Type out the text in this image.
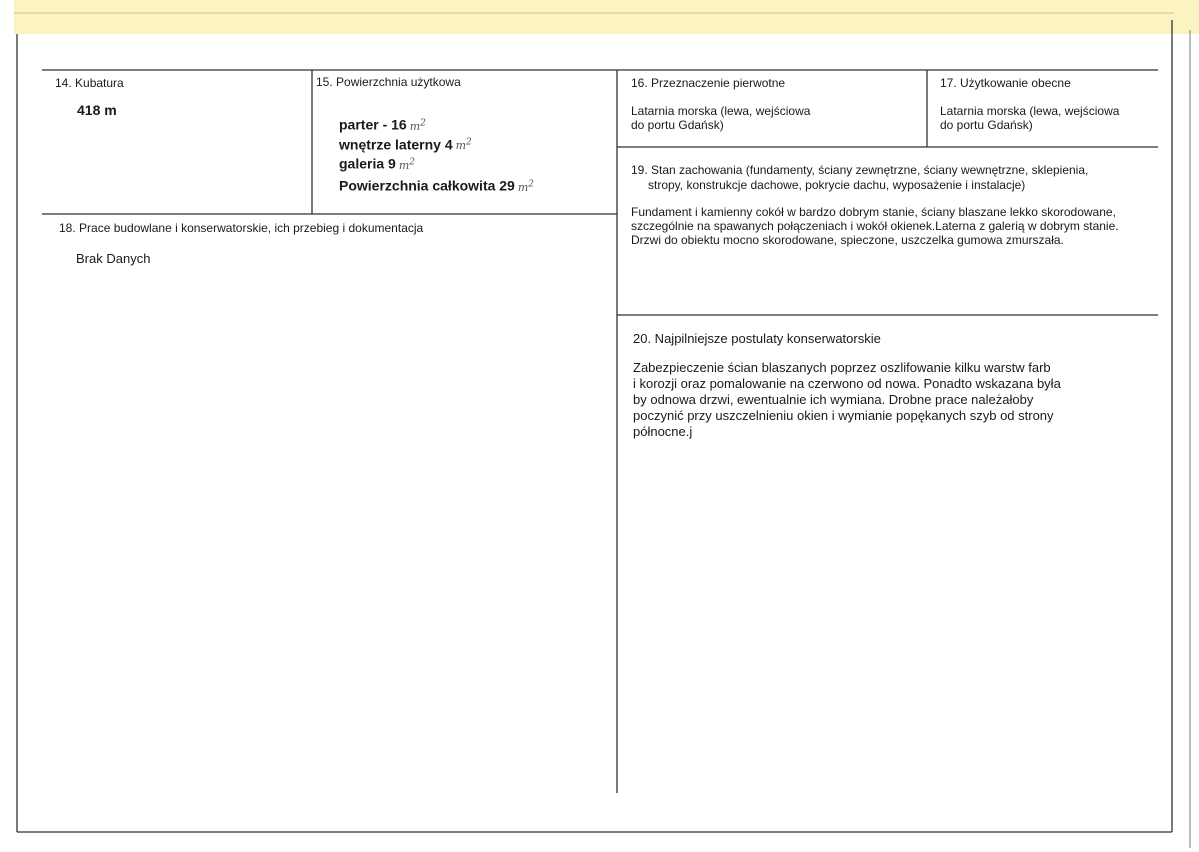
14. Kubatura
418 m
15. Powierzchnia użytkowa
parter - 16 $m^2$
wnętrze laterny 4 $m^2$
galeria 9 $m^2$
Powierzchnia całkowita 29 $m^2$
16. Przeznaczenie pierwotne
Latarnia morska (lewa, wejściowa
do portu Gdańsk)
17. Użytkowanie obecne
Latarnia morska (lewa, wejściowa
do portu Gdańsk)
19. Stan zachowania (fundamenty, ściany zewnętrzne, ściany wewnętrzne, sklepienia,
stropy, konstrukcje dachowe, pokrycie dachu, wyposażenie i instalacje)
Fundament i kamienny cokół w bardzo dobrym stanie, ściany blaszane lekko skorodowane,
szczególnie na spawanych połączeniach i wokół okienek.Laterna z galerią w dobrym stanie.
Drzwi do obiektu mocno skorodowane, spieczone, uszczelka gumowa zmurszała.
18. Prace budowlane i konserwatorskie, ich przebieg i dokumentacja
Brak Danych
20. Najpilniejsze postulaty konserwatorskie
Zabezpieczenie ścian blaszanych poprzez oszlifowanie kilku warstw farb
i korozji oraz pomalowanie na czerwono od nowa. Ponadto wskazana była
by odnowa drzwi, ewentualnie ich wymiana. Drobne prace należałoby
poczynić przy uszczelnieniu okien i wymianie popękanych szyb od strony
północne.j
